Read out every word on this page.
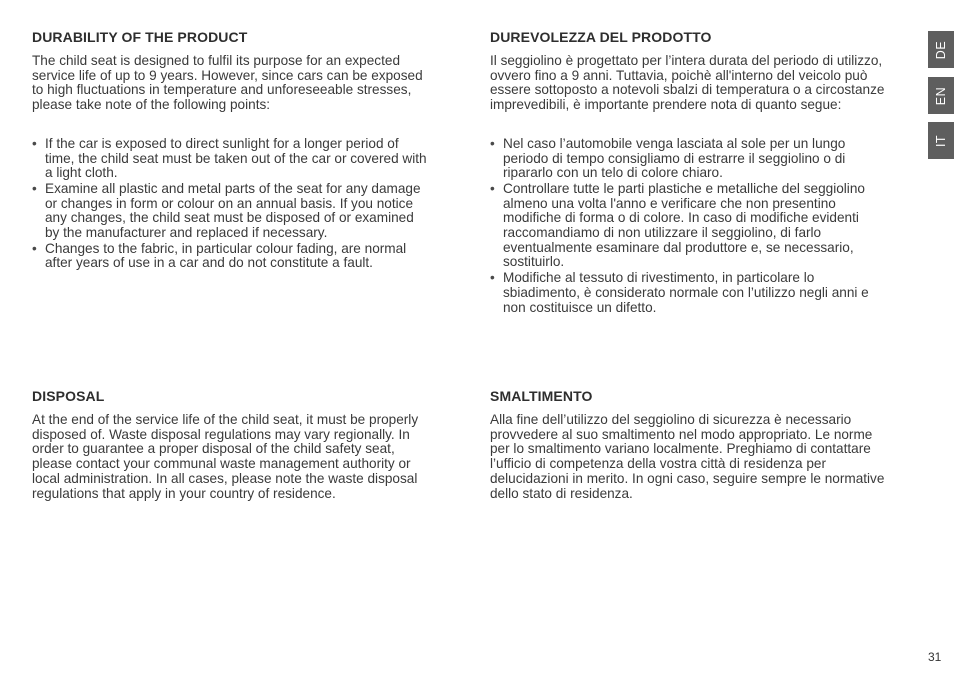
DURABILITY OF THE PRODUCT

The child seat is designed to fulfil its purpose for an expected
service life of up to 9 years. However, since cars can be exposed
to high fluctuations in temperature and unforeseeable stresses,
please take note of the following points:

• If the car is exposed to direct sunlight for a longer period of
time, the child seat must be taken out of the car or covered with
a light cloth.
• Examine all plastic and metal parts of the seat for any damage
or changes in form or colour on an annual basis. If you notice
any changes, the child seat must be disposed of or examined
by the manufacturer and replaced if necessary.
• Changes to the fabric, in particular colour fading, are normal
after years of use in a car and do not constitute a fault.
DISPOSAL

At the end of the service life of the child seat, it must be properly
disposed of. Waste disposal regulations may vary regionally. In
order to guarantee a proper disposal of the child safety seat,
please contact your communal waste management authority or
local administration. In all cases, please note the waste disposal
regulations that apply in your country of residence.

DUREVOLEZZA DEL PRODOTTO

Il seggiolino è progettato per l’intera durata del periodo di utilizzo,
ovvero fino a 9 anni. Tuttavia, poichè all'interno del veicolo può
essere sottoposto a notevoli sbalzi di temperatura o a circostanze
imprevedibili, è importante prendere nota di quanto segue:

• Nel caso l’automobile venga lasciata al sole per un lungo
periodo di tempo consigliamo di estrarre il seggiolino o di
ripararlo con un telo di colore chiaro.
• Controllare tutte le parti plastiche e metalliche del seggiolino
almeno una volta l'anno e verificare che non presentino
modifiche di forma o di colore. In caso di modifiche evidenti
raccomandiamo di non utilizzare il seggiolino, di farlo
eventualmente esaminare dal produttore e, se necessario,
sostituirlo.
• Modifiche al tessuto di rivestimento, in particolare lo
sbiadimento, è considerato normale con l’utilizzo negli anni e
non costituisce un difetto.
SMALTIMENTO

Alla fine dell’utilizzo del seggiolino di sicurezza è necessario
provvedere al suo smaltimento nel modo appropriato. Le norme
per lo smaltimento variano localmente. Preghiamo di contattare
l’ufficio di competenza della vostra città di residenza per
delucidazioni in merito. In ogni caso, seguire sempre le normative
dello stato di residenza.

DE
EN
IT
31
